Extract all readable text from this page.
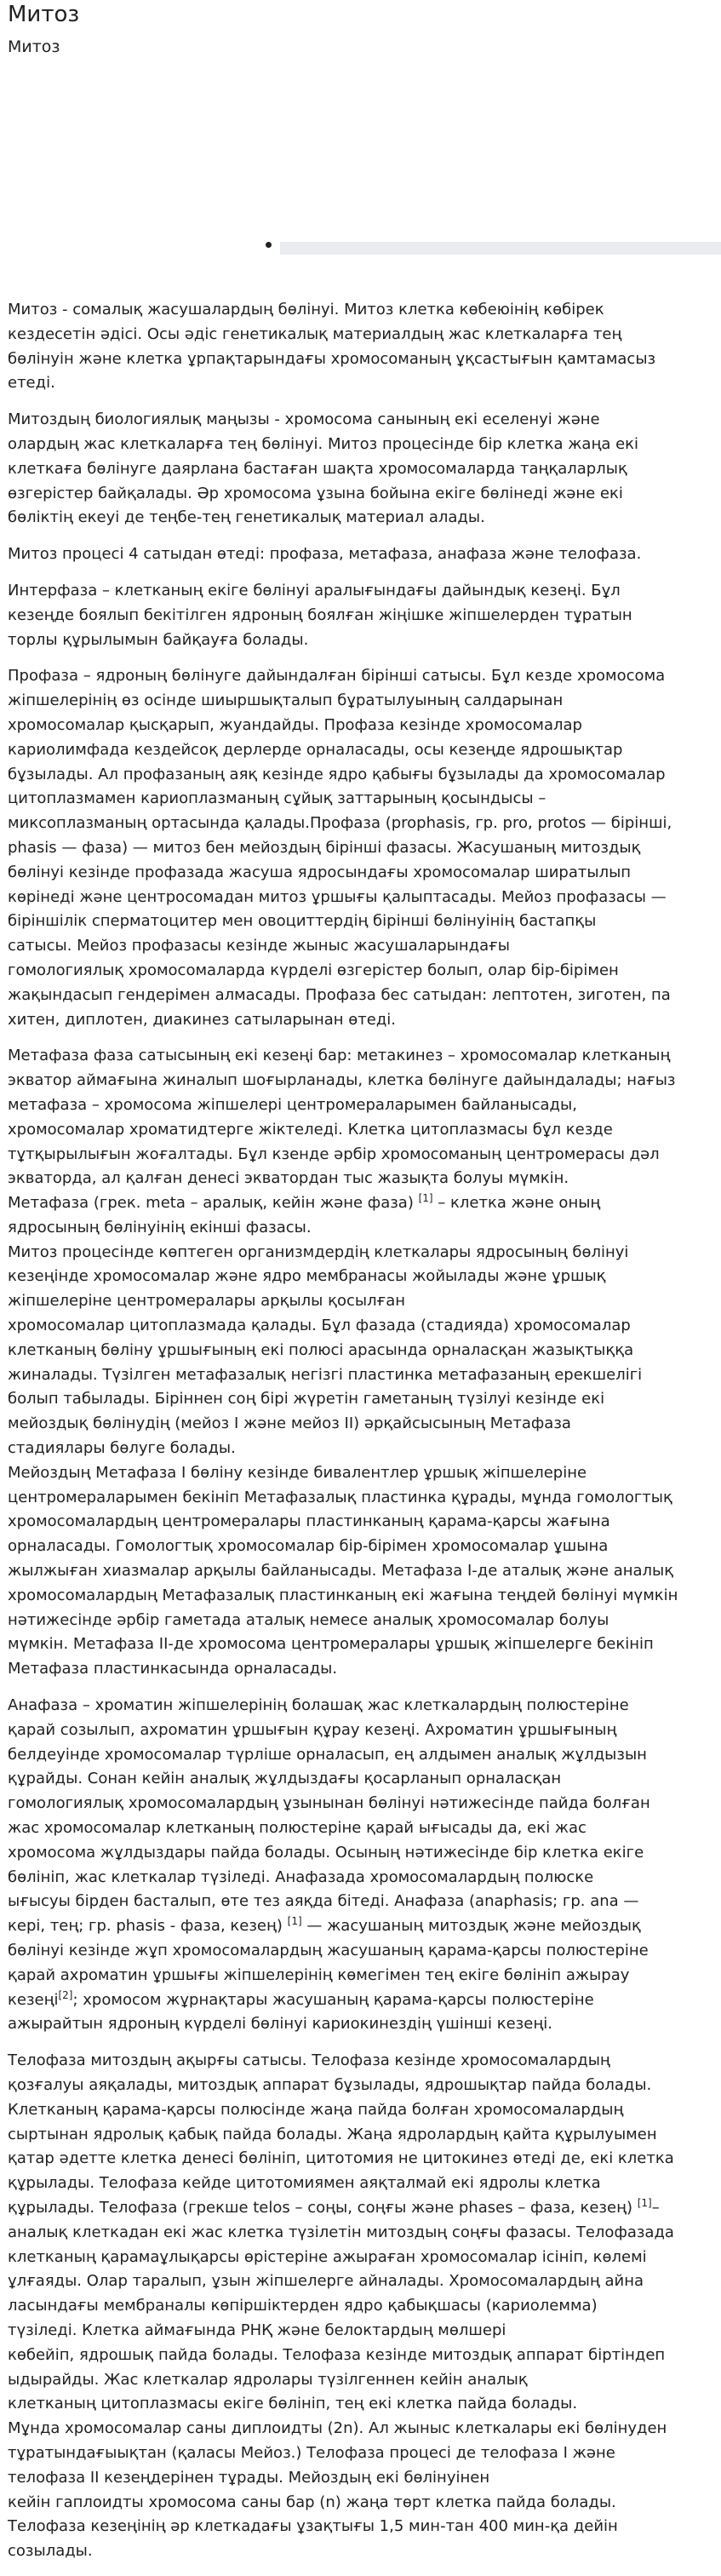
Митоз
Митоз

Митоз - сомалық жасушалардың бөлінуі. Митоз клетка көбеюінің көбірек
кездесетін әдісі. Осы әдіс генетикалық материалдың жас клеткаларға тең
бөлінуін және клетка ұрпақтарындағы хромосоманың ұқсастығын қамтамасыз
етеді.

Митоздың биологиялық маңызы - хромосома санының екі еселенуі және
олардың жас клеткаларға тең бөлінуі. Митоз процесінде бір клетка жаңа екі
клеткаға бөлінуге даярлана бастаған шақта хромосомаларда таңқаларлық
өзгерістер байқалады. Әр хромосома ұзына бойына екіге бөлінеді және екі
бөліктің екеуі де теңбе-тең генетикалық материал алады.

Митоз процесі 4 сатыдан өтеді: профаза, метафаза, анафаза және телофаза.

Интерфаза – клетканың екіге бөлінуі аралығындағы дайындық кезеңі. Бұл
кезеңде боялып бекітілген ядроның боялған жіңішке жіпшелерден тұратын
торлы құрылымын байқауға болады.

Профаза – ядроның бөлінуге дайындалған бірінші сатысы. Бұл кезде хромосома
жіпшелерінің өз осінде шиыршықталып бұратылуының салдарынан
хромосомалар қысқарып, жуандайды. Профаза кезінде хромосомалар
кариолимфада кездейсоқ дерлерде орналасады, осы кезеңде ядрошықтар
бұзылады. Ал профазаның аяқ кезінде ядро қабығы бұзылады да хромосомалар
цитоплазмамен кариоплазманың сұйық заттарының қосындысы –
миксоплазманың ортасында қалады.Профаза (prophasis, гр. pro, protos — бірінші,
phasis — фаза) — митоз бен мейоздың бірінші фазасы. Жасушаның митоздық
бөлінуі кезінде профазада жасуша ядросындағы хромосомалар ширатылып
көрінеді және центросомадан митоз ұршығы қалыптасады. Мейоз профазасы —
біріншілік сперматоцитер мен овоциттердің бірінші бөлінуінің бастапқы
сатысы. Мейоз профазасы кезінде жыныс жасушаларындағы
гомологиялық хромосомаларда күрделі өзгерістер болып, олар бір-бірімен
жақындасып гендерімен алмасады. Профаза бес сатыдан: лептотен, зиготен, па
хитен, диплотен, диакинез сатыларынан өтеді.

Метафаза фаза сатысының екі кезеңі бар: метакинез – хромосомалар клетканың
экватор аймағына жиналып шоғырланады, клетка бөлінуге дайындалады; нағыз
метафаза – хромосома жіпшелері центромераларымен байланысады,
хромосомалар хроматидтерге жіктеледі. Клетка цитоплазмасы бұл кезде
тұтқырылығын жоғалтады. Бұл кзенде әрбір хромосоманың центромерасы дәл
экваторда, ал қалған денесі экватордан тыс жазықта болуы мүмкін.
Метафаза (грек. meta – аралық, кейін және фаза) [1] – клетка және оның
ядросының бөлінуінің екінші фазасы.
Митоз процесінде көптеген организмдердің клеткалары ядросының бөлінуі
кезеңінде хромосомалар және ядро мембранасы жойылады және ұршық
жіпшелеріне центромералары арқылы қосылған
хромосомалар цитоплазмада қалады. Бұл фазада (стадияда) хромосомалар
клетканың бөліну ұршығының екі полюсі арасында орналасқан жазықтыққа
жиналады. Түзілген метафазалық негізгі пластинка метафазаның ерекшелігі
болып табылады. Біріннен соң бірі жүретін гаметаның түзілуі кезінде екі
мейоздық бөлінудің (мейоз I және мейоз II) әрқайсысының Метафаза
стадиялары бөлуге болады.
Мейоздың Метафаза I бөліну кезінде бивалентлер ұршық жіпшелеріне
центромераларымен бекініп Метафазалық пластинка құрады, мұнда гомологтық
хромосомалардың центромералары пластинканың қарама-қарсы жағына
орналасады. Гомологтық хромосомалар бір-бірімен хромосомалар ұшына
жылжыған хиазмалар арқылы байланысады. Метафаза I-де аталық және аналық
хромосомалардың Метафазалық пластинканың екі жағына теңдей бөлінуі мүмкін
нәтижесінде әрбір гаметада аталық немесе аналық хромосомалар болуы
мүмкін. Метафаза II-де хромосома центромералары ұршық жіпшелерге бекініп
Метафаза пластинкасында орналасады.

Анафаза – хроматин жіпшелерінің болашақ жас клеткалардың полюстеріне
қарай созылып, ахроматин ұршығын құрау кезеңі. Ахроматин ұршығының
белдеуінде хромосомалар түрліше орналасып, ең алдымен аналық жұлдызын
құрайды. Сонан кейін аналық жұлдыздағы қосарланып орналасқан
гомологиялық хромосомалардың ұзынынан бөлінуі нәтижесінде пайда болған
жас хромосомалар клетканың полюстеріне қарай ығысады да, екі жас
хромосома жұлдыздары пайда болады. Осының нәтижесінде бір клетка екіге
бөлініп, жас клеткалар түзіледі. Анафазада хромосомалардың полюске
ығысуы бірден басталып, өте тез аяқда бітеді. Анафаза (anaphasis; гр. ana —
кері, тең; гр. phasis - фаза, кезең) [1] — жасушаның митоздық және мейоздық
бөлінуі кезінде жұп хромосомалардың жасушаның қарама-қарсы полюстеріне
қарай ахроматин ұршығы жіпшелерінің көмегімен тең екіге бөлініп ажырау
кезеңі[2]; хромосом жұрнақтары жасушаның қарама-қарсы полюстеріне
ажырайтын ядроның күрделі бөлінуі кариокинездің үшінші кезеңі.

Телофаза митоздың ақырғы сатысы. Телофаза кезінде хромосомалардың
қозғалуы аяқалады, митоздық аппарат бұзылады, ядрошықтар пайда болады.
Клетканың қарама-қарсы полюсінде жаңа пайда болған хромосомалардың
сыртынан ядролық қабық пайда болады. Жаңа ядролардың қайта құрылуымен
қатар әдетте клетка денесі бөлініп, цитотомия не цитокинез өтеді де, екі клетка
құрылады. Телофаза кейде цитотомиямен аяқталмай екі ядролы клетка
құрылады. Телофаза (грекше telos – соңы, соңғы және phases – фаза, кезең) [1]–
аналық клеткадан екі жас клетка түзілетін митоздың соңғы фазасы. Телофазада
клетканың қарамаұлықарсы өрістеріне ажыраған хромосомалар ісініп, көлемі
ұлғаяды. Олар таралып, ұзын жіпшелерге айналады. Хромосомалардың айна
ласындағы мембраналы көпіршіктерден ядро қабықшасы (кариолемма)
түзіледі. Клетка аймағында РНҚ және белоктардың мөлшері
көбейіп, ядрошық пайда болады. Телофаза кезінде митоздық аппарат біртіндеп
ыдырайды. Жас клеткалар ядролары түзілгеннен кейін аналық
клетканың цитоплазмасы екіге бөлініп, тең екі клетка пайда болады.
Мұнда хромосомалар саны диплоидты (2n). Ал жыныс клеткалары екі бөлінуден
тұратындағыықтан (қаласы Мейоз.) Телофаза процесі де телофаза I және
телофаза II кезеңдерінен тұрады. Мейоздың екі бөлінуінен
кейін гаплоидты хромосома саны бар (n) жаңа төрт клетка пайда болады.
Телофаза кезеңінің әр клеткадағы ұзақтығы 1,5 мин-тан 400 мин-қа дейін
созылады.
